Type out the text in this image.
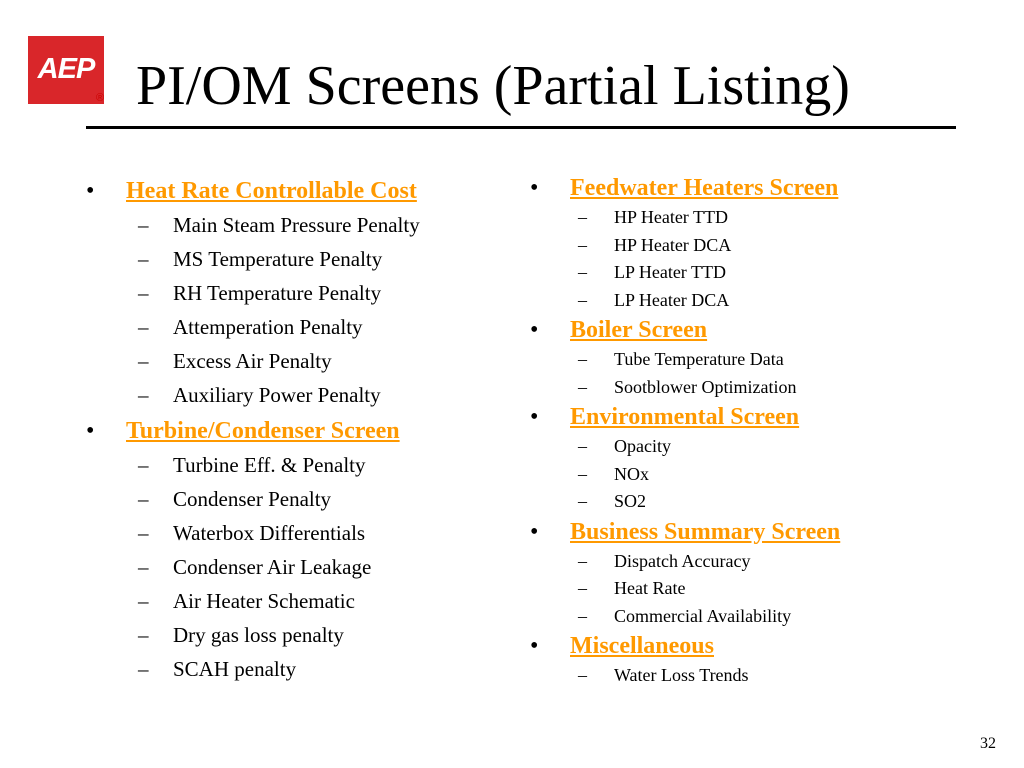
AEP
® PI/OM Screens (Partial Listing)
• Heat Rate Controllable Cost
– Main Steam Pressure Penalty
– MS Temperature Penalty
– RH Temperature Penalty
– Attemperation Penalty
– Excess Air Penalty
– Auxiliary Power Penalty
• Turbine/Condenser Screen
– Turbine Eff. & Penalty
– Condenser Penalty
– Waterbox Differentials
– Condenser Air Leakage
– Air Heater Schematic
– Dry gas loss penalty
– SCAH penalty
• Feedwater Heaters Screen
– HP Heater TTD
– HP Heater DCA
– LP Heater TTD
– LP Heater DCA
• Boiler Screen
– Tube Temperature Data
– Sootblower Optimization
• Environmental Screen
– Opacity
– NOx
– SO2
• Business Summary Screen
– Dispatch Accuracy
– Heat Rate
– Commercial Availability
• Miscellaneous
– Water Loss Trends
32
